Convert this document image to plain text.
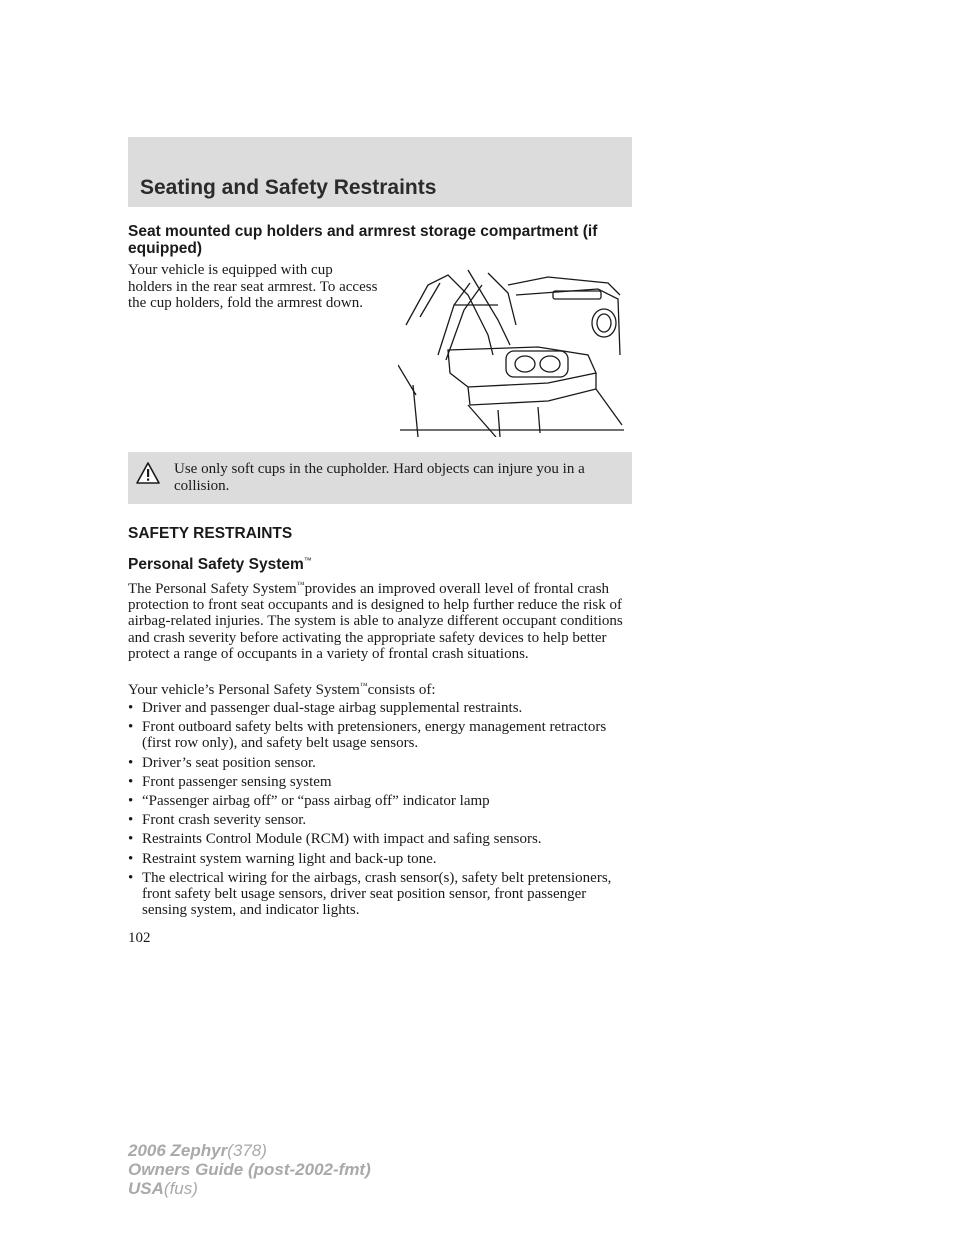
Seating and Safety Restraints
Seat mounted cup holders and armrest storage compartment (if equipped)
Your vehicle is equipped with cup holders in the rear seat armrest. To access the cup holders, fold the armrest down.
Use only soft cups in the cupholder. Hard objects can injure you in a collision.
SAFETY RESTRAINTS
Personal Safety System™
The Personal Safety System™provides an improved overall level of frontal crash protection to front seat occupants and is designed to help further reduce the risk of airbag-related injuries. The system is able to analyze different occupant conditions and crash severity before activating the appropriate safety devices to help better protect a range of occupants in a variety of frontal crash situations.
Your vehicle’s Personal Safety System™consists of:
• Driver and passenger dual-stage airbag supplemental restraints.
• Front outboard safety belts with pretensioners, energy management retractors (first row only), and safety belt usage sensors.
• Driver’s seat position sensor.
• Front passenger sensing system
• “Passenger airbag off” or “pass airbag off” indicator lamp
• Front crash severity sensor.
• Restraints Control Module (RCM) with impact and safing sensors.
• Restraint system warning light and back-up tone.
• The electrical wiring for the airbags, crash sensor(s), safety belt pretensioners, front safety belt usage sensors, driver seat position sensor, front passenger sensing system, and indicator lights.
102
2006 Zephyr(378)
Owners Guide (post-2002-fmt)
USA(fus)
